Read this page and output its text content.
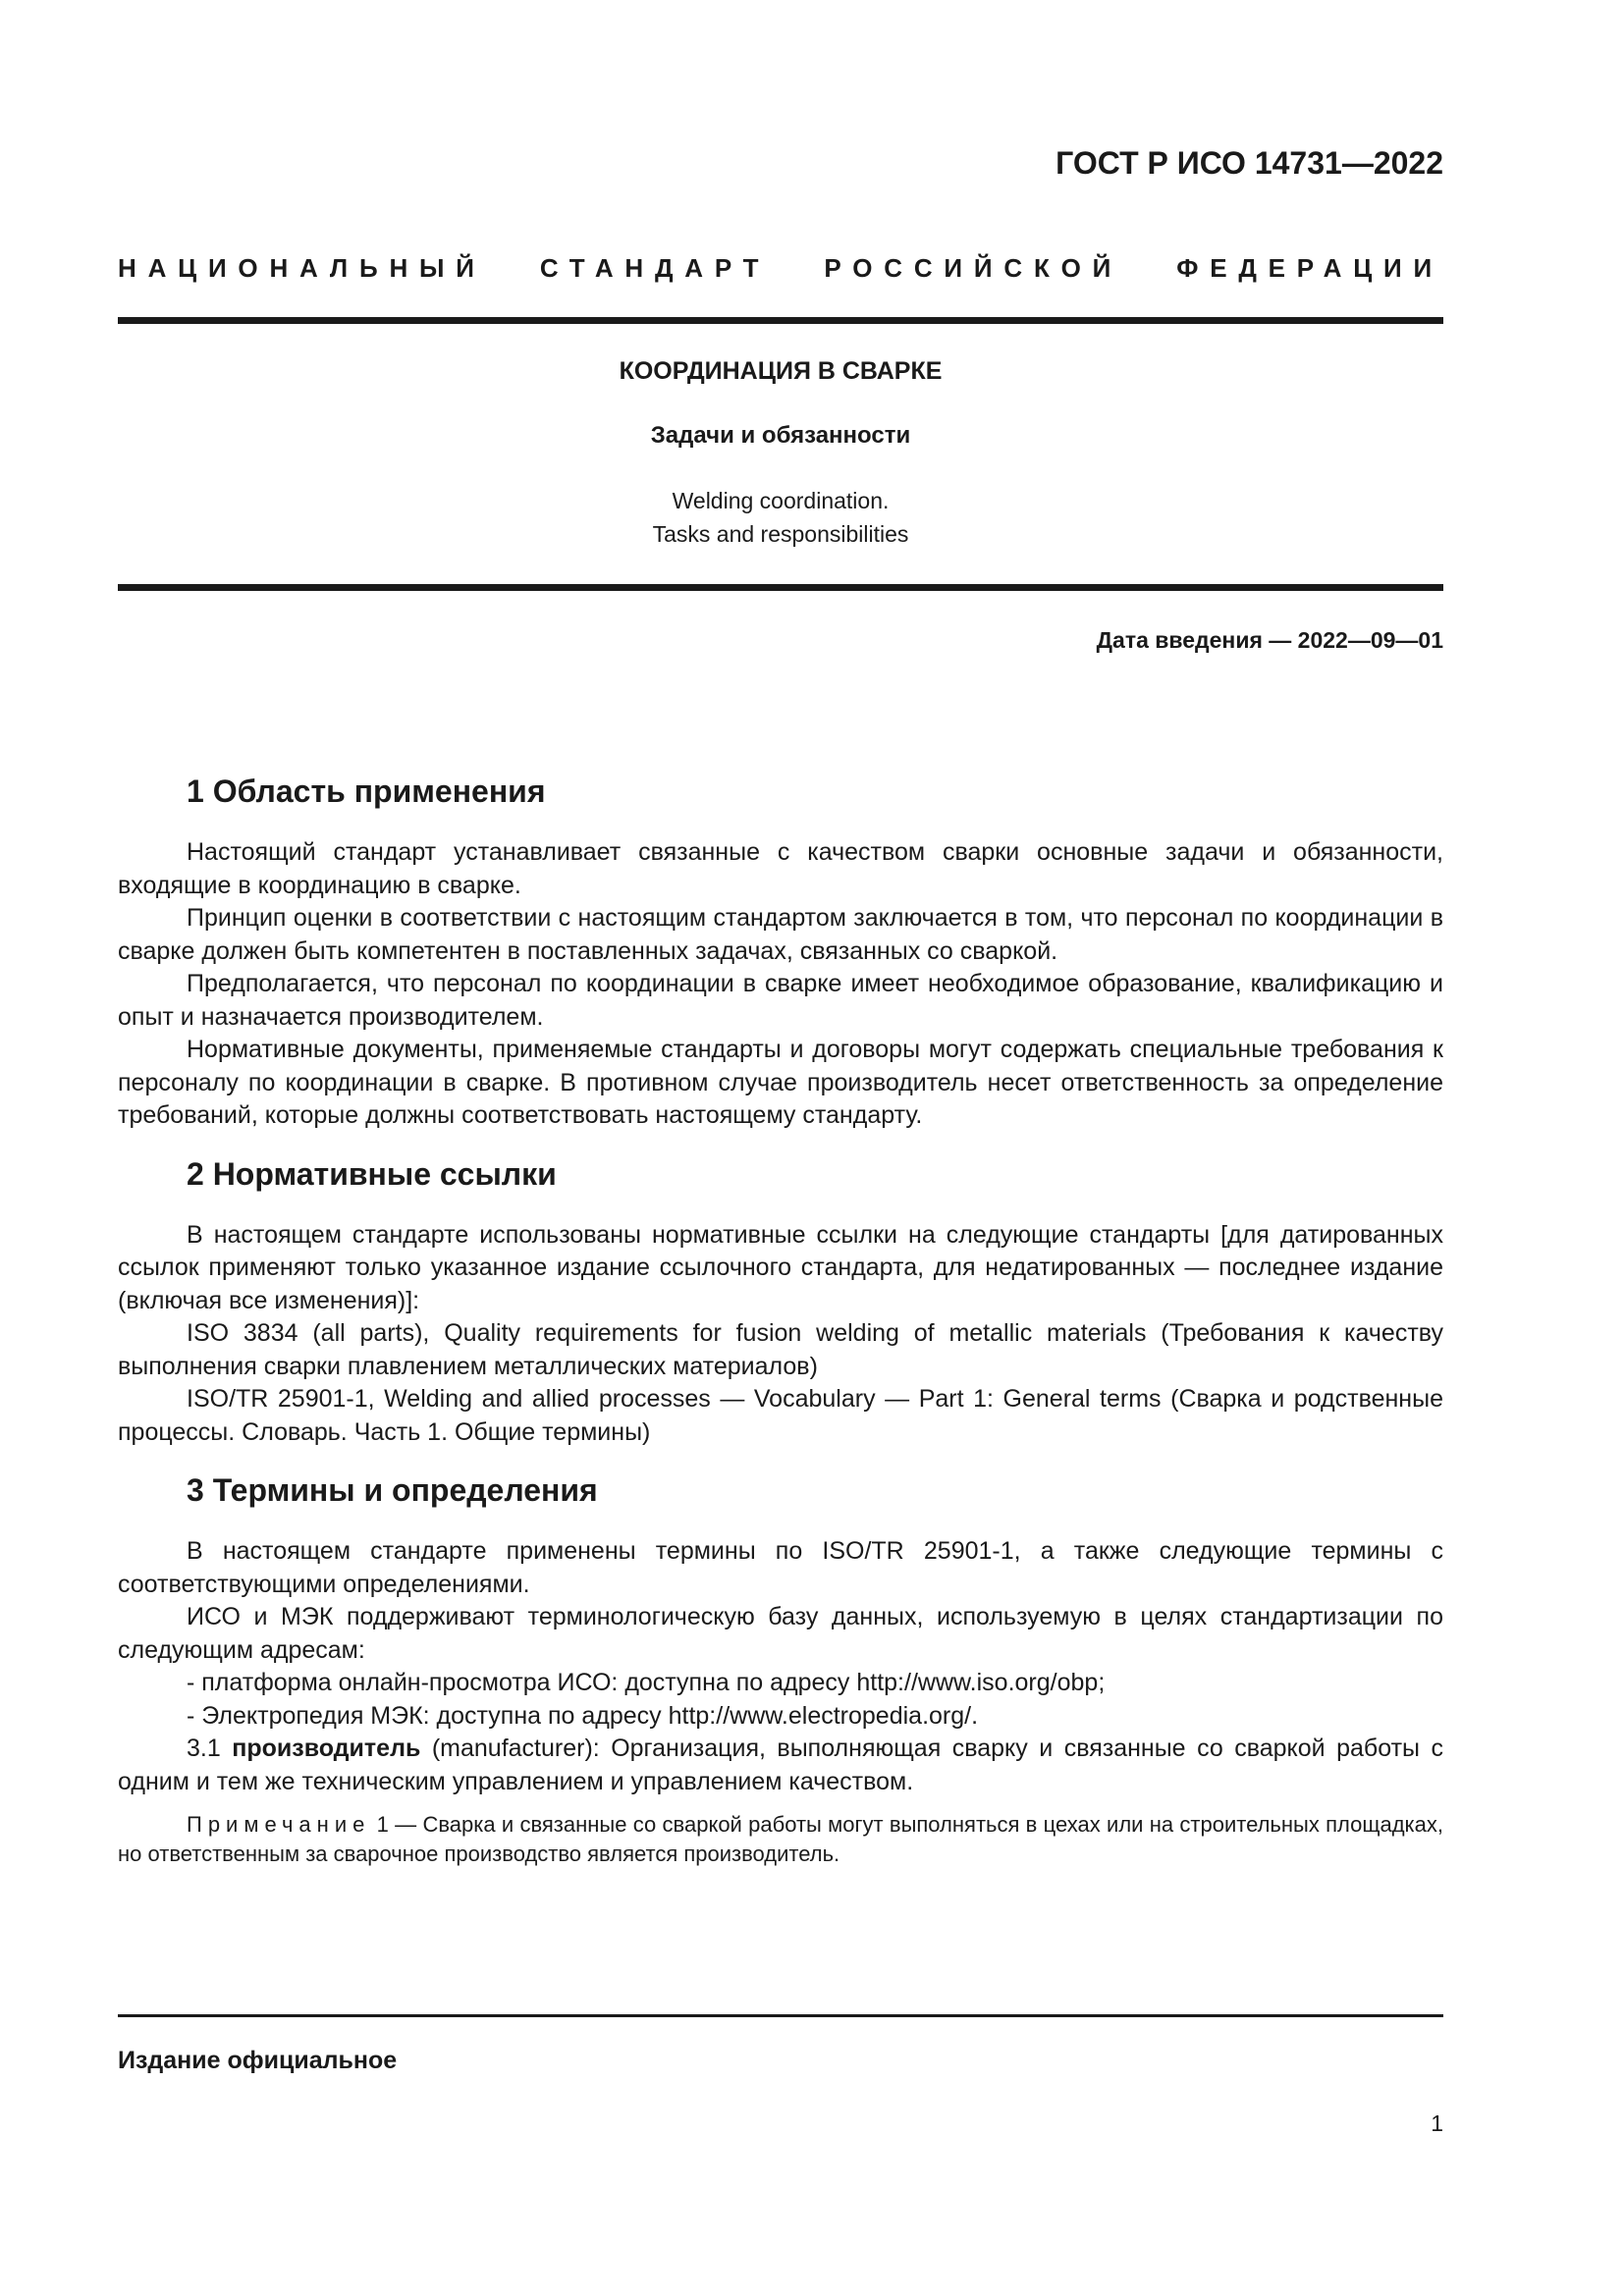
ГОСТ Р ИСО 14731—2022
НАЦИОНАЛЬНЫЙ СТАНДАРТ РОССИЙСКОЙ ФЕДЕРАЦИИ
КООРДИНАЦИЯ В СВАРКЕ
Задачи и обязанности
Welding coordination.
Tasks and responsibilities
Дата введения — 2022—09—01
1 Область применения

Настоящий стандарт устанавливает связанные с качеством сварки основные задачи и обязанности, входящие в координацию в сварке.

Принцип оценки в соответствии с настоящим стандартом заключается в том, что персонал по координации в сварке должен быть компетентен в поставленных задачах, связанных со сваркой.

Предполагается, что персонал по координации в сварке имеет необходимое образование, квалификацию и опыт и назначается производителем.

Нормативные документы, применяемые стандарты и договоры могут содержать специальные требования к персоналу по координации в сварке. В противном случае производитель несет ответственность за определение требований, которые должны соответствовать настоящему стандарту.

2 Нормативные ссылки

В настоящем стандарте использованы нормативные ссылки на следующие стандарты [для датированных ссылок применяют только указанное издание ссылочного стандарта, для недатированных — последнее издание (включая все изменения)]:

ISO 3834 (all parts), Quality requirements for fusion welding of metallic materials (Требования к качеству выполнения сварки плавлением металлических материалов)

ISO/TR 25901-1, Welding and allied processes — Vocabulary — Part 1: General terms (Сварка и родственные процессы. Словарь. Часть 1. Общие термины)

3 Термины и определения

В настоящем стандарте применены термины по ISO/TR 25901-1, а также следующие термины с соответствующими определениями.

ИСО и МЭК поддерживают терминологическую базу данных, используемую в целях стандартизации по следующим адресам:

- платформа онлайн-просмотра ИСО: доступна по адресу http://www.iso.org/obp;

- Электропедия МЭК: доступна по адресу http://www.electropedia.org/.

3.1 производитель (manufacturer): Организация, выполняющая сварку и связанные со сваркой работы с одним и тем же техническим управлением и управлением качеством.

Примечание 1 — Сварка и связанные со сваркой работы могут выполняться в цехах или на строительных площадках, но ответственным за сварочное производство является производитель.

Издание официальное
1
